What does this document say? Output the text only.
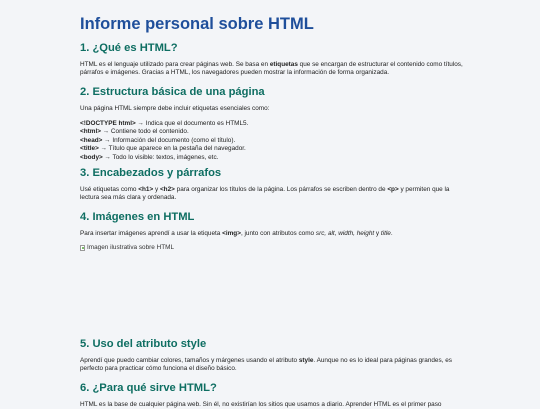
Informe personal sobre HTML
1. ¿Qué es HTML?

HTML es el lenguaje utilizado para crear páginas web. Se basa en etiquetas que se encargan de estructurar el contenido como títulos, párrafos e imágenes. Gracias a HTML, los navegadores pueden mostrar la información de forma organizada.

2. Estructura básica de una página

Una página HTML siempre debe incluir etiquetas esenciales como:

<!DOCTYPE html> → Indica que el documento es HTML5.
<html> → Contiene todo el contenido.
<head> → Información del documento (como el título).
<title> → Título que aparece en la pestaña del navegador.
<body> → Todo lo visible: textos, imágenes, etc.
3. Encabezados y párrafos

Usé etiquetas como <h1> y <h2> para organizar los títulos de la página. Los párrafos se escriben dentro de <p> y permiten que la lectura sea más clara y ordenada.

4. Imágenes en HTML

Para insertar imágenes aprendí a usar la etiqueta <img>, junto con atributos como src, alt, width, height y title.

Imagen ilustrativa sobre HTML
5. Uso del atributo style

Aprendí que puedo cambiar colores, tamaños y márgenes usando el atributo style. Aunque no es lo ideal para páginas grandes, es perfecto para practicar cómo funciona el diseño básico.

6. ¿Para qué sirve HTML?

HTML es la base de cualquier página web. Sin él, no existirían los sitios que usamos a diario. Aprender HTML es el primer paso
